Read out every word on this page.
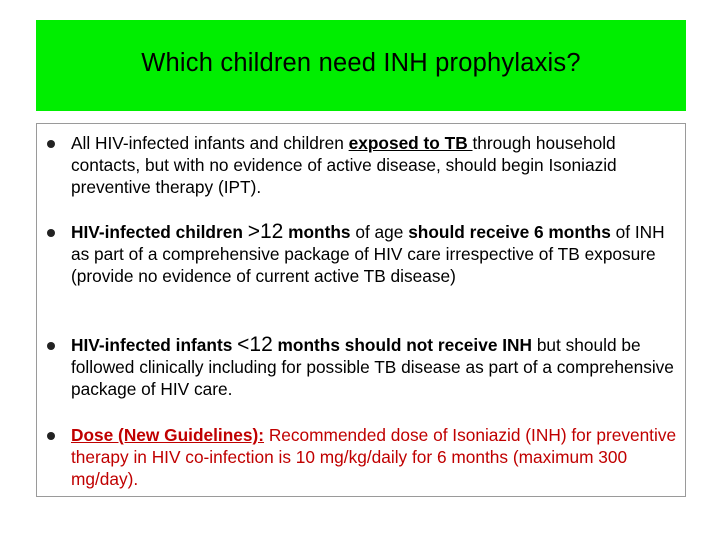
Which children need INH prophylaxis?
All HIV-infected infants and children exposed to TB through household contacts, but with no evidence of active disease, should begin Isoniazid preventive therapy (IPT).
HIV-infected children >12 months of age should receive 6 months of INH as part of a comprehensive package of HIV care irrespective of TB exposure (provide no evidence of current active TB disease)
HIV-infected infants <12 months should not receive INH but should be followed clinically including for possible TB disease as part of a comprehensive package of HIV care.
Dose (New Guidelines): Recommended dose of Isoniazid (INH) for preventive therapy in HIV co-infection is 10 mg/kg/daily for 6 months (maximum 300 mg/day).
